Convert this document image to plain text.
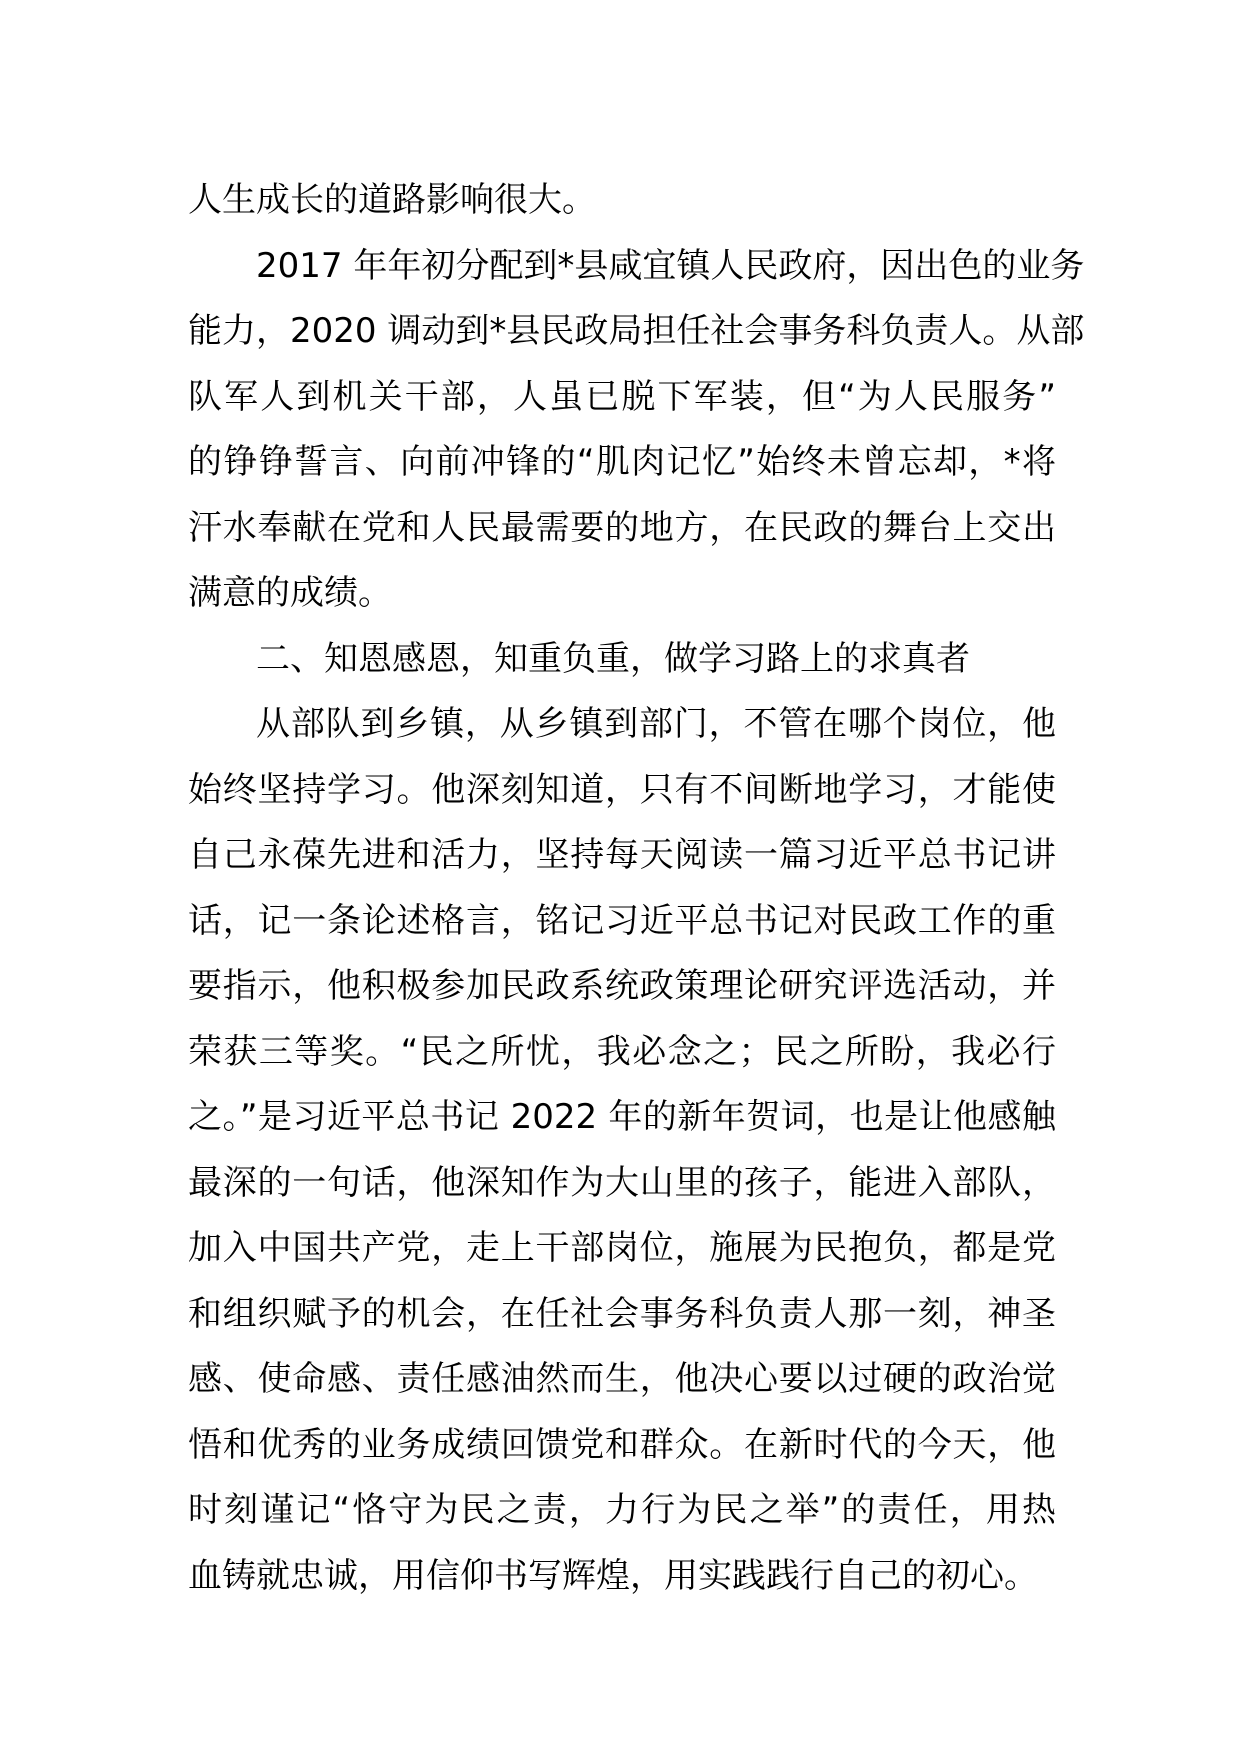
人生成长的道路影响很大。
2017 年年初分配到*县咸宜镇人民政府，因出色的业务
能力，2020 调动到*县民政局担任社会事务科负责人。从部
队军人到机关干部，人虽已脱下军装，但“为人民服务”
的铮铮誓言、向前冲锋的“肌肉记忆”始终未曾忘却，*将
汗水奉献在党和人民最需要的地方，在民政的舞台上交出
满意的成绩。
二、知恩感恩，知重负重，做学习路上的求真者
从部队到乡镇，从乡镇到部门，不管在哪个岗位，他
始终坚持学习。他深刻知道，只有不间断地学习，才能使
自己永葆先进和活力，坚持每天阅读一篇习近平总书记讲
话，记一条论述格言，铭记习近平总书记对民政工作的重
要指示，他积极参加民政系统政策理论研究评选活动，并
荣获三等奖。“民之所忧，我必念之；民之所盼，我必行
之。”是习近平总书记 2022 年的新年贺词，也是让他感触
最深的一句话，他深知作为大山里的孩子，能进入部队，
加入中国共产党，走上干部岗位，施展为民抱负，都是党
和组织赋予的机会，在任社会事务科负责人那一刻，神圣
感、使命感、责任感油然而生，他决心要以过硬的政治觉
悟和优秀的业务成绩回馈党和群众。在新时代的今天，他
时刻谨记“恪守为民之责，力行为民之举”的责任，用热
血铸就忠诚，用信仰书写辉煌，用实践践行自己的初心。
